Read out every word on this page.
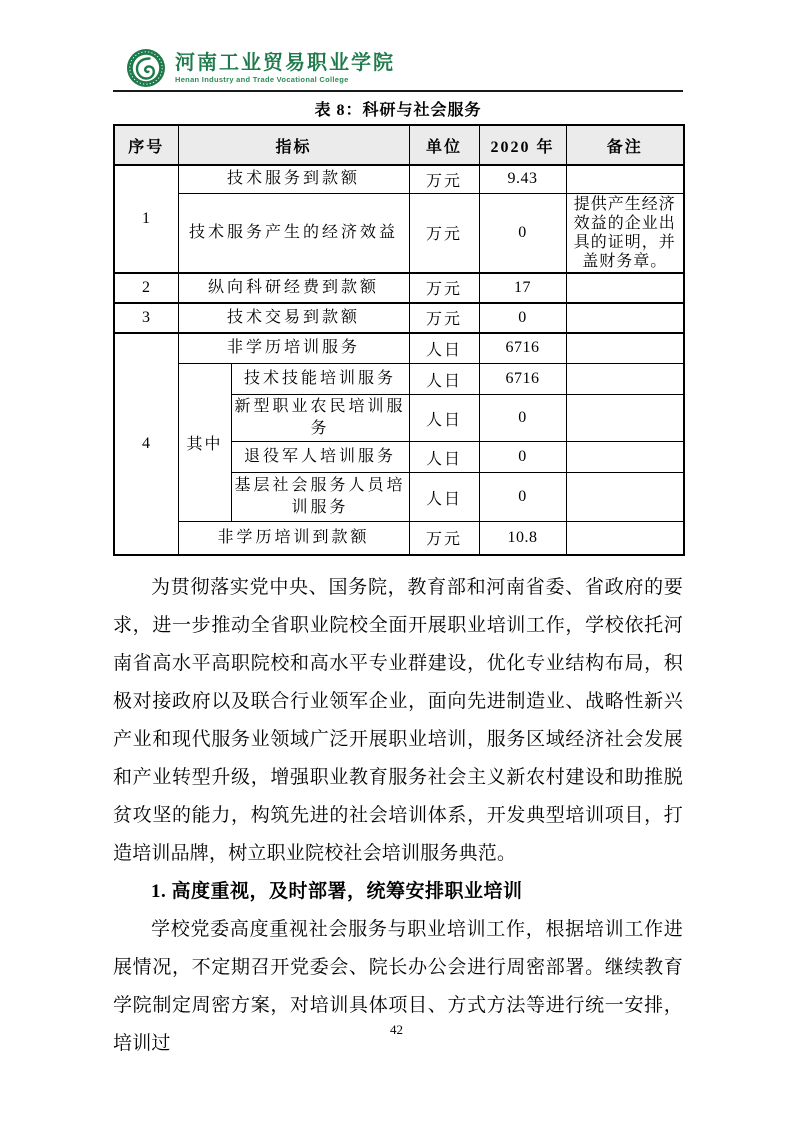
河南工业贸易职业学院
Henan Industry and Trade Vocational College
表 8：科研与社会服务
序号	指标		单位	2020 年	备注
1	技术服务到款额		万元	9.43	
	技术服务产生的经济效益		万元	0	提供产生经济效益的企业出具的证明，并盖财务章。
2	纵向科研经费到款额		万元	17	
3	技术交易到款额		万元	0	
4	非学历培训服务		人日	6716	
	其中	技术技能培训服务	人日	6716	
		新型职业农民培训服务	人日	0	
		退役军人培训服务	人日	0	
		基层社会服务人员培训服务	人日	0	
	非学历培训到款额		万元	10.8	

为贯彻落实党中央、国务院，教育部和河南省委、省政府的要求，进一步推动全省职业院校全面开展职业培训工作，学校依托河南省高水平高职院校和高水平专业群建设，优化专业结构布局，积极对接政府以及联合行业领军企业，面向先进制造业、战略性新兴产业和现代服务业领域广泛开展职业培训，服务区域经济社会发展和产业转型升级，增强职业教育服务社会主义新农村建设和助推脱贫攻坚的能力，构筑先进的社会培训体系，开发典型培训项目，打造培训品牌，树立职业院校社会培训服务典范。

1. 高度重视，及时部署，统筹安排职业培训

学校党委高度重视社会服务与职业培训工作，根据培训工作进展情况，不定期召开党委会、院长办公会进行周密部署。继续教育学院制定周密方案，对培训具体项目、方式方法等进行统一安排，培训过

42
